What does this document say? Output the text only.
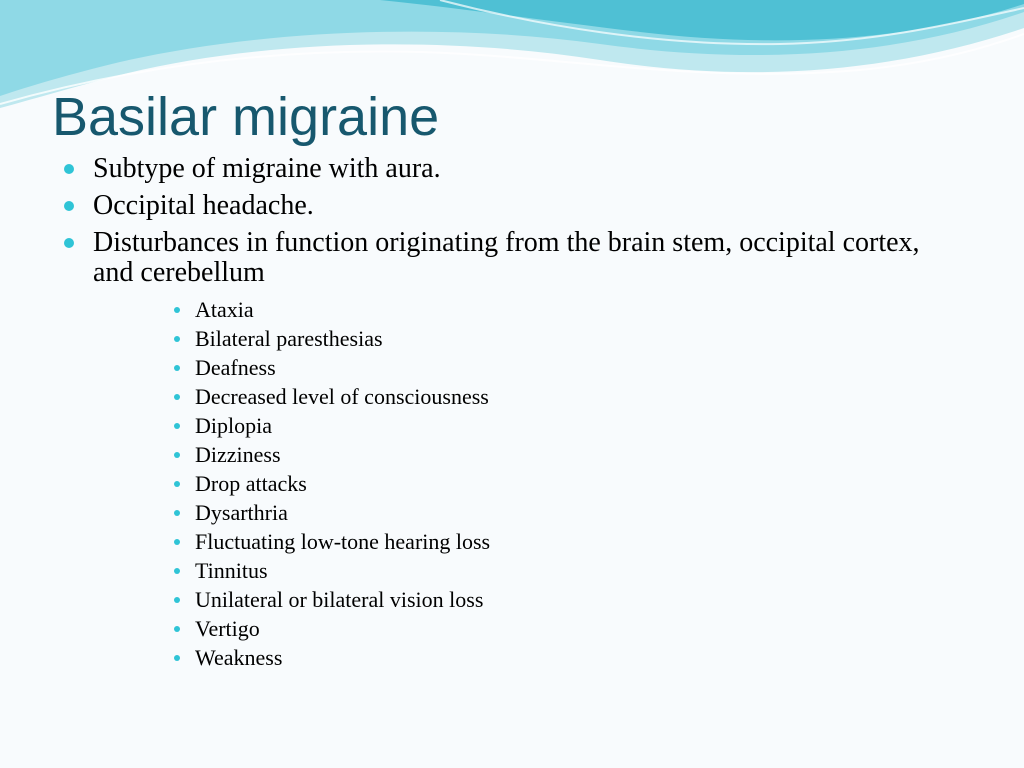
Basilar migraine
Subtype of migraine with aura.
Occipital headache.
Disturbances in function originating from the brain stem, occipital cortex, and cerebellum
Ataxia
Bilateral paresthesias
Deafness
Decreased level of consciousness
Diplopia
Dizziness
Drop attacks
Dysarthria
Fluctuating low-tone hearing loss
Tinnitus
Unilateral or bilateral vision loss
Vertigo
Weakness
